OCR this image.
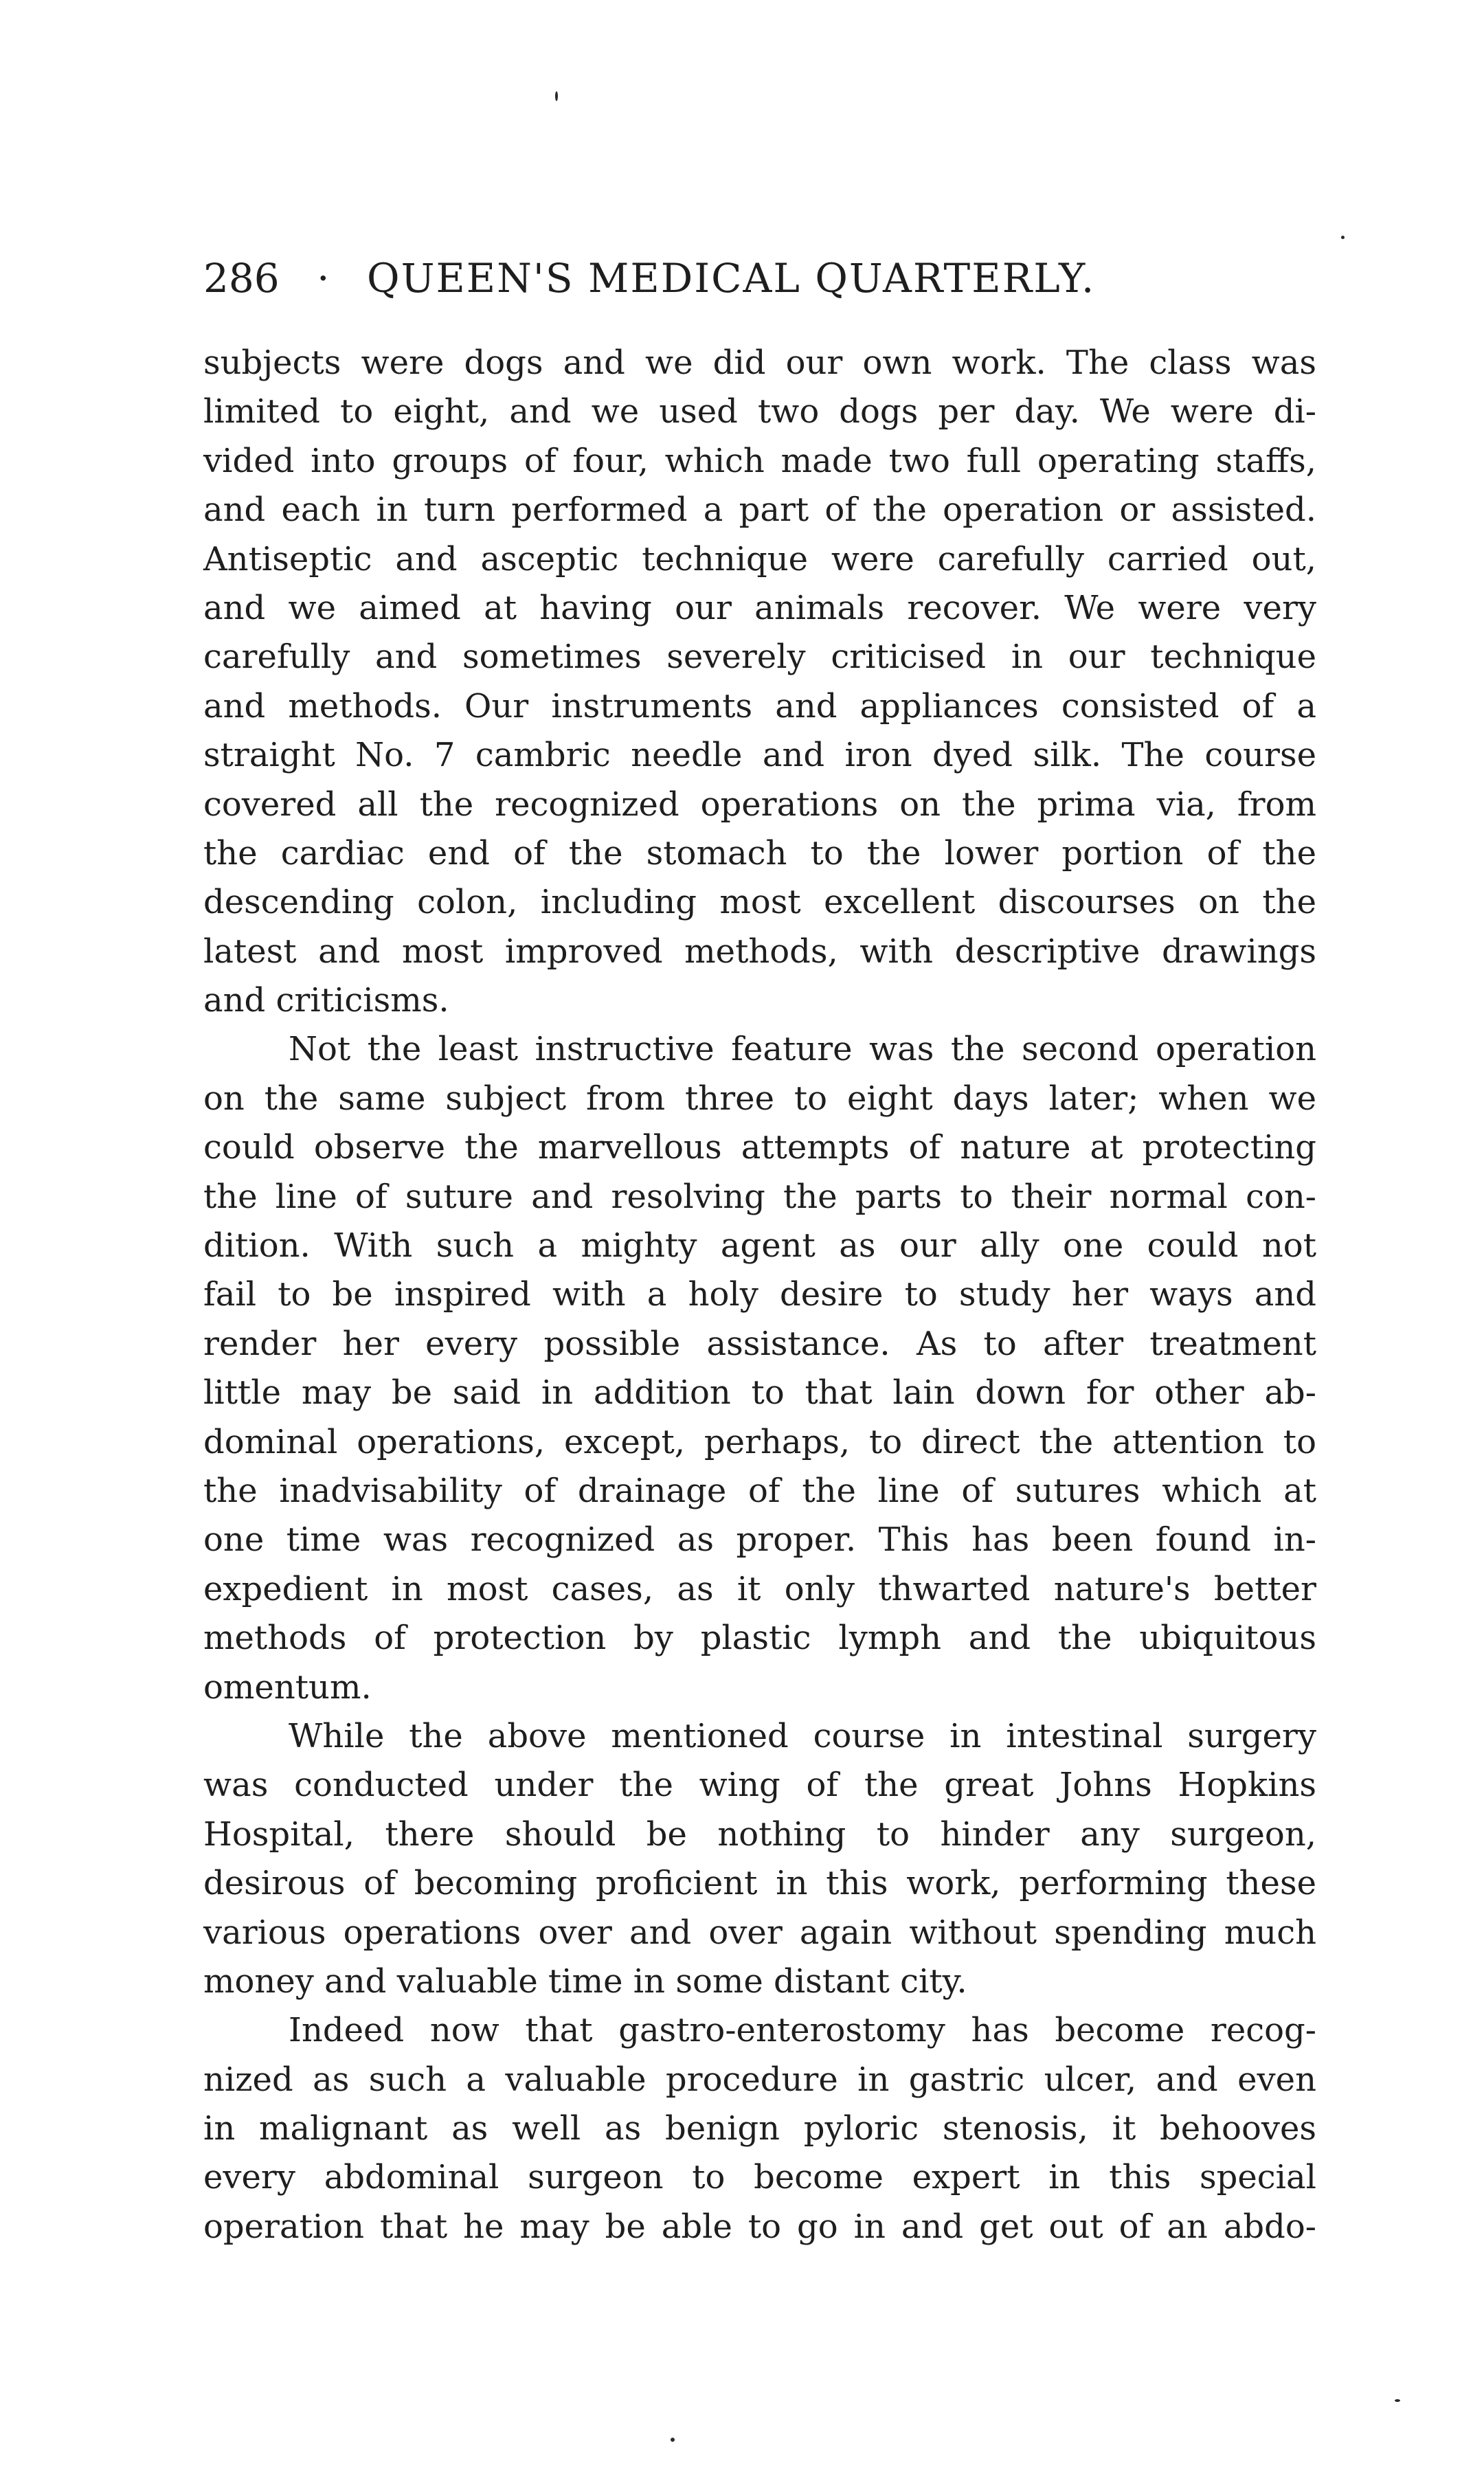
286 · QUEEN'S MEDICAL QUARTERLY.

subjects were dogs and we did our own work. The class was
limited to eight, and we used two dogs per day. We were di-
vided into groups of four, which made two full operating staffs,
and each in turn performed a part of the operation or assisted.
Antiseptic and asceptic technique were carefully carried out,
and we aimed at having our animals recover. We were very
carefully and sometimes severely criticised in our technique
and methods. Our instruments and appliances consisted of a
straight No. 7 cambric needle and iron dyed silk. The course
covered all the recognized operations on the prima via, from
the cardiac end of the stomach to the lower portion of the
descending colon, including most excellent discourses on the
latest and most improved methods, with descriptive drawings
and criticisms.

Not the least instructive feature was the second operation
on the same subject from three to eight days later; when we
could observe the marvellous attempts of nature at protecting
the line of suture and resolving the parts to their normal con-
dition. With such a mighty agent as our ally one could not
fail to be inspired with a holy desire to study her ways and
render her every possible assistance. As to after treatment
little may be said in addition to that lain down for other ab-
dominal operations, except, perhaps, to direct the attention to
the inadvisability of drainage of the line of sutures which at
one time was recognized as proper. This has been found in-
expedient in most cases, as it only thwarted nature's better
methods of protection by plastic lymph and the ubiquitous
omentum.

While the above mentioned course in intestinal surgery
was conducted under the wing of the great Johns Hopkins
Hospital, there should be nothing to hinder any surgeon,
desirous of becoming proficient in this work, performing these
various operations over and over again without spending much
money and valuable time in some distant city.

Indeed now that gastro-enterostomy has become recog-
nized as such a valuable procedure in gastric ulcer, and even
in malignant as well as benign pyloric stenosis, it behooves
every abdominal surgeon to become expert in this special
operation that he may be able to go in and get out of an abdo-
